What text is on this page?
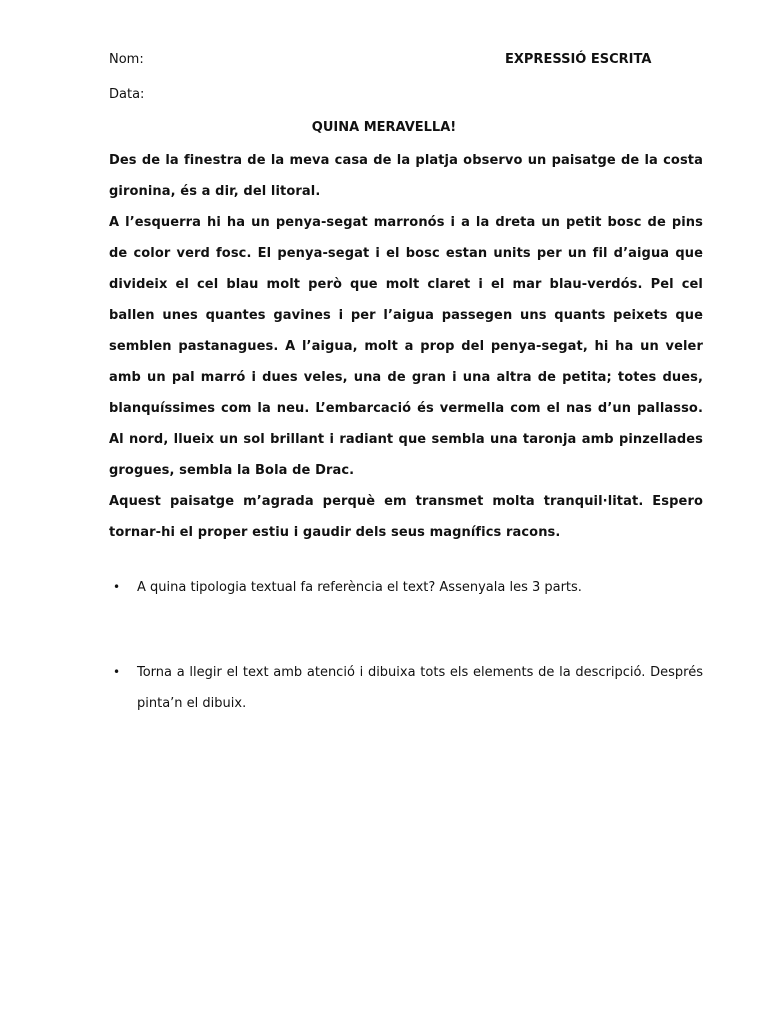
Nom:	EXPRESSIÓ ESCRITA
Data:
QUINA MERAVELLA!

Des de la finestra de la meva casa de la platja observo un paisatge de la costa gironina, és a dir, del litoral.

A l’esquerra hi ha un penya-segat marronós i a la dreta un petit bosc de pins de color verd fosc. El penya-segat i el bosc estan units per un fil d’aigua que divideix el cel blau molt però que molt claret i el mar blau-verdós. Pel cel ballen unes quantes gavines i per l’aigua passegen uns quants peixets que semblen pastanagues. A l’aigua, molt a prop del penya-segat, hi ha un veler amb un pal marró i dues veles, una de gran i una altra de petita; totes dues, blanquíssimes com la neu. L’embarcació és vermella com el nas d’un pallasso. Al nord, llueix un sol brillant i radiant que sembla una taronja amb pinzellades grogues, sembla la Bola de Drac.

Aquest paisatge m’agrada perquè em transmet molta tranquil·litat. Espero tornar-hi el proper estiu i gaudir dels seus magnífics racons.

• A quina tipologia textual fa referència el text? Assenyala les 3 parts.
• Torna a llegir el text amb atenció i dibuixa tots els elements de la descripció. Després pinta’n el dibuix.
